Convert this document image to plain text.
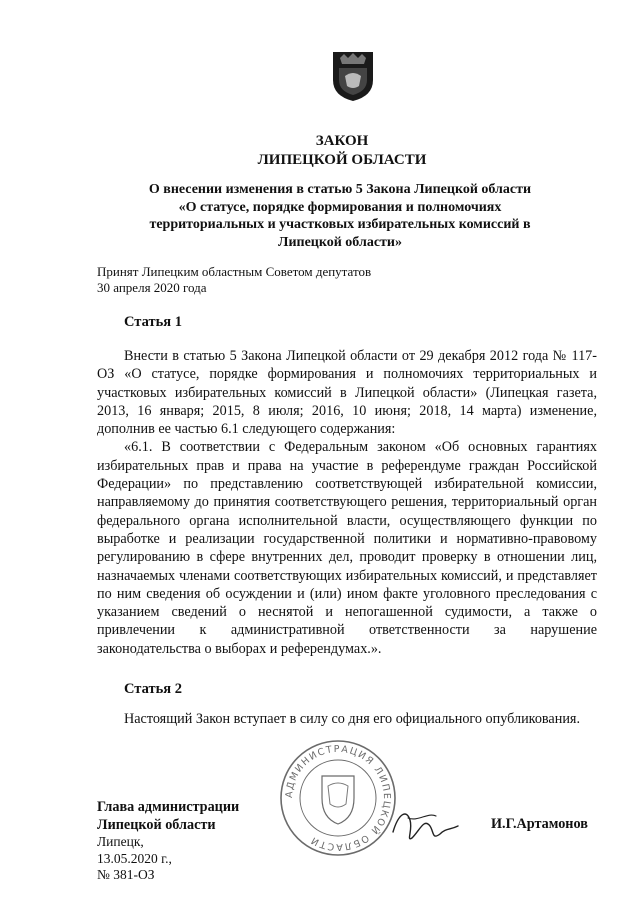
ЗАКОН
ЛИПЕЦКОЙ ОБЛАСТИ
О внесении изменения в статью 5 Закона Липецкой области
«О статусе, порядке формирования и полномочиях
территориальных и участковых избирательных комиссий в
Липецкой области»
Принят Липецким областным Советом депутатов
30 апреля 2020 года
Статья 1

Внести в статью 5 Закона Липецкой области от 29 декабря 2012 года № 117-ОЗ «О статусе, порядке формирования и полномочиях территориальных и участковых избирательных комиссий в Липецкой области» (Липецкая газета, 2013, 16 января; 2015, 8 июля; 2016, 10 июня; 2018, 14 марта) изменение, дополнив ее частью 6.1 следующего содержания:

«6.1. В соответствии с Федеральным законом «Об основных гарантиях избирательных прав и права на участие в референдуме граждан Российской Федерации» по представлению соответствующей избирательной комиссии, направляемому до принятия соответствующего решения, территориальный орган федерального органа исполнительной власти, осуществляющего функции по выработке и реализации государственной политики и нормативно-правовому регулированию в сфере внутренних дел, проводит проверку в отношении лиц, назначаемых членами соответствующих избирательных комиссий, и представляет по ним сведения об осуждении и (или) ином факте уголовного преследования с указанием сведений о неснятой и непогашенной судимости, а также о привлечении к административной ответственности за нарушение законодательства о выборах и референдумах.».

Статья 2

Настоящий Закон вступает в силу со дня его официального опубликования.

Глава администрации
Липецкой области	И.Г.Артамонов
Липецк,
13.05.2020 г.,
№ 381-ОЗ
АДМИНИСТРАЦИЯ ЛИПЕЦКОЙ ОБЛАСТИ
